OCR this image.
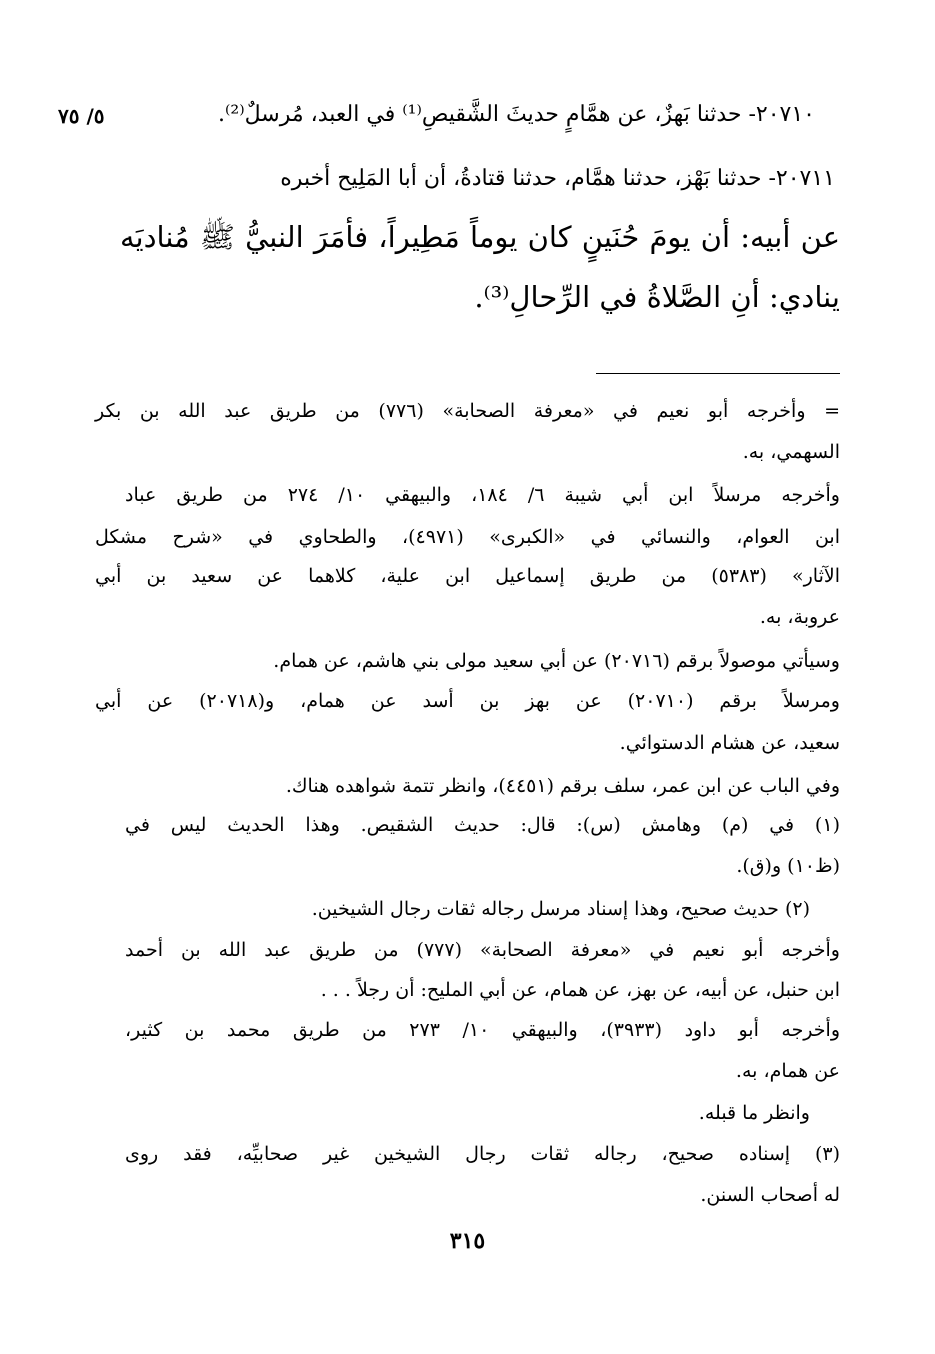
٥/ ٧٥	٢٠٧١٠- حدثنا بَهزٌ، عن همَّامٍ حديثَ الشَّقيصِ⁽¹⁾ في العبد، مُرسلٌ⁽²⁾.
٢٠٧١١- حدثنا بَهْز، حدثنا همَّام، حدثنا قتادةُ، أن أبا المَلِيح أخبره
عن أبيه: أن يومَ حُنَينٍ كان يوماً مَطِيراً، فأمَرَ النبيُّ ﷺ مُناديَه
ينادي: أنِ الصَّلاةُ في الرِّحالِ⁽³⁾.
= وأخرجه أبو نعيم في «معرفة الصحابة» (٧٧٦) من طريق عبد الله بن بكر
السهمي، به.
وأخرجه مرسلاً ابن أبي شيبة ٦/ ١٨٤، والبيهقي ١٠/ ٢٧٤ من طريق عباد
ابن العوام، والنسائي في «الكبرى» (٤٩٧١)، والطحاوي في «شرح مشكل
الآثار» (٥٣٨٣) من طريق إسماعيل ابن علية، كلاهما عن سعيد بن أبي
عروبة، به.
وسيأتي موصولاً برقم (٢٠٧١٦) عن أبي سعيد مولى بني هاشم، عن همام.
ومرسلاً برقم (٢٠٧١٠) عن بهز بن أسد عن همام، و(٢٠٧١٨) عن أبي
سعيد، عن هشام الدستوائي.
وفي الباب عن ابن عمر، سلف برقم (٤٤٥١)، وانظر تتمة شواهده هناك.
(١) في (م) وهامش (س): قال: حديث الشقيص. وهذا الحديث ليس في
(ظ١٠) و(ق).
(٢) حديث صحيح، وهذا إسناد مرسل رجاله ثقات رجال الشيخين.
وأخرجه أبو نعيم في «معرفة الصحابة» (٧٧٧) من طريق عبد الله بن أحمد
ابن حنبل، عن أبيه، عن بهز، عن همام، عن أبي المليح: أن رجلاً . . .
وأخرجه أبو داود (٣٩٣٣)، والبيهقي ١٠/ ٢٧٣ من طريق محمد بن كثير،
عن همام، به.
وانظر ما قبله.
(٣) إسناده صحيح، رجاله ثقات رجال الشيخين غير صحابيِّه، فقد روى
له أصحاب السنن.
٣١٥
